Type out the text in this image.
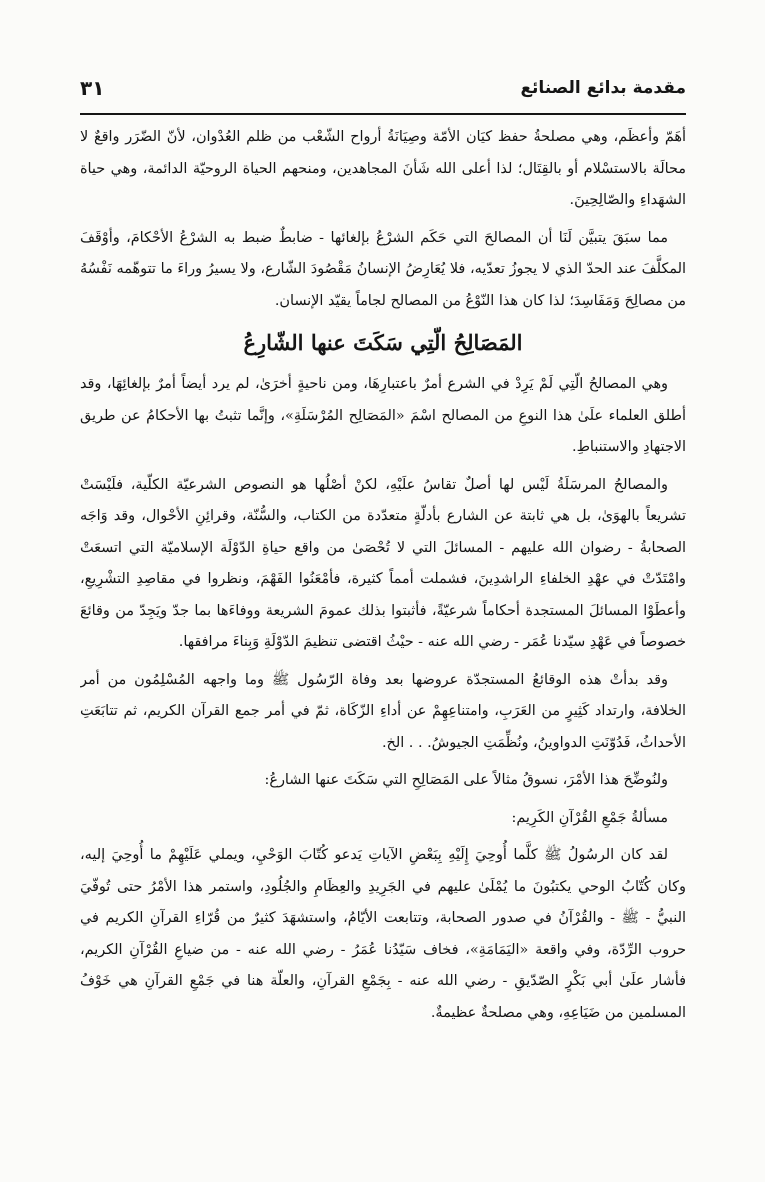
مقدمة بدائع الصنائع
٣١

أهَمّ وأعظَم، وهي مصلحةُ حفظ كيَان الأمّة وصِيَانَةُ أرواح الشّعْب من ظلم العُدْوان، لأنّ الضّرَر واقعٌ لا محالَة بالاستسْلام أو بالقِتَال؛ لذا أعلى الله شَأنَ المجاهدين، ومنحهم الحياة الروحيّة الدائمة، وهي حياة الشهَداءِ والصّالِحِينَ.

مما سبَقَ يتبيَّن لَنَا أن المصالحَ التي حَكَم الشرْعُ بإلغائها - ضابطٌ ضبط به الشرْعُ الأحْكامَ، وأوْقَفَ المكلَّفَ عند الحدّ الذي لا يجوزُ تعدّيه، فلا يُعَارِضُ الإنسانُ مَقْصُودَ الشّارع، ولا يسيرُ وراءَ ما تتوهّمه نَفْسُهُ من مصالِحَ وَمَفَاسِدَ؛ لذا كان هذا النّوْعُ من المصالح لجاماً يقيّد الإنسان.

المَصَالِحُ الّتِي سَكَتَ عنها الشّارِعُ

وهي المصالحُ الّتِي لَمْ يَرِدْ في الشرع أمرٌ باعتبارِهَا، ومن ناحيةٍ أخرَىٰ، لم يرد أيضاً أمرٌ بإلغائِهَا، وقد أطلق العلماء علَىٰ هذا النوعِ من المصالح اسْمَ «المَصَالِح المُرْسَلَةِ»، وإنَّما تثبتُ بها الأحكامُ عن طريق الاجتهادِ والاستنباطِ.

والمصالحُ المرسَلَةُ لَيْس لها أصلٌ تقاسُ علَيْهِ، لكنْ أصْلُها هو النصوص الشرعيّة الكلّية، فلَيْسَتْ تشريعاً بالهوَىٰ، بل هي ثابتة عن الشارع بأدلّةٍ متعدّدة من الكتاب، والسُّنّة، وقرائِنِ الأحْوال، وقد وَاجَه الصحابةُ - رضوان الله عليهم - المسائلَ التي لا تُحْصَىٰ من واقع حياةِ الدّوْلَة الإسلاميّة التي اتسعَتْ وامْتَدّتْ في عهْدِ الخلفاءِ الراشدِينَ، فشملت أمماً كثيرة، فأمْعَنُوا الفَهْمَ، ونظروا في مقاصِدِ التشْرِيعِ، وأعطَوْا المسائلَ المستجدة أحكاماً شرعيّةً، فأثبتوا بذلك عمومَ الشريعة ووفاءَها بما جدّ ويَجِدّ من وقائعَ خصوصاً في عَهْدِ سيّدنا عُمَر - رضي الله عنه - حيْثُ اقتضى تنظيمَ الدّوْلَةِ وَبِناءَ مرافقها.

وقد بدأتْ هذه الوقائعُ المستجدّة عروضها بعد وفاة الرّسُول ﷺ وما واجهه المُسْلِمُون من أمر الخلافة، وارتداد كَثِيرٍ من العَرَبِ، وامتناعِهِمْ عن أداءِ الزّكَاة، ثمّ في أمر جمع القرآن الكريم، ثم تتابَعَتِ الأحداثُ، فَدُوّنَتِ الدواوينُ، ونُظِّمَتِ الجيوشُ. . . الخ.

ولنُوضِّحَ هذا الأمْرَ، نسوقُ مثالاً على المَصَالِحِ التي سَكَتَ عنها الشارعُ:

مسألةُ جَمْعِ القُرْآنِ الكَرِيم:

لقد كان الرسُولُ ﷺ كلَّما أُوحِيَ إِلَيْهِ بِبَعْضِ الآياتِ يَدعو كُتّابَ الوَحْيِ، ويملي عَلَيْهِمْ ما أُوحِيَ إليه، وكان كُتّابُ الوحي يكتبُونَ ما يُمْلَىٰ عليهم في الجَرِيدِ والعِظَامِ والجُلُودِ، واستمر هذا الأمْرُ حتى تُوفّيَ النبيُّ - ﷺ - والقُرْآنُ في صدور الصحابة، وتتابعت الأيّامُ، واستشهَدَ كثيرٌ من قُرّاءِ القرآنِ الكريم في حروب الرِّدّة، وفي واقعة «اليَمَامَةِ»، فخاف سَيّدُنا عُمَرُ - رضي الله عنه - من ضياعِ القُرْآنِ الكريم، فأشار علَىٰ أبي بَكْرٍ الصّدّيقِ - رضي الله عنه - بِجَمْعِ القرآنِ، والعلّة هنا في جَمْعِ القرآنِ هي خَوْفُ المسلمين من ضَيَاعِهِ، وهي مصلحةٌ عظيمةٌ.
